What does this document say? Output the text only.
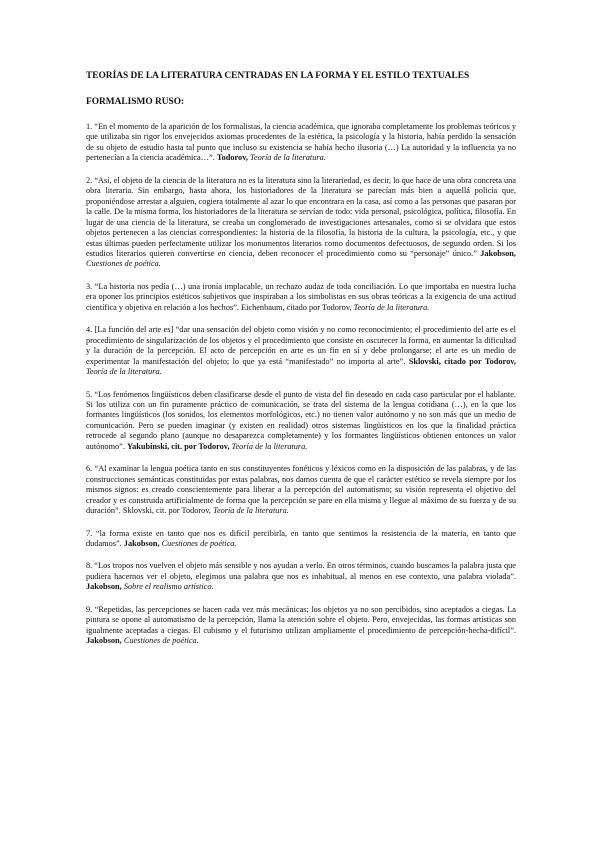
TEORÍAS DE LA LITERATURA CENTRADAS EN LA FORMA Y EL ESTILO TEXTUALES

FORMALISMO RUSO:

1. “En el momento de la aparición de los formalistas, la ciencia académica, que ignoraba completamente los problemas teóricos y que utilizaba sin rigor los envejecidos axiomas procedentes de la estética, la psicología y la historia, había perdido la sensación de su objeto de estudio hasta tal punto que incluso su existencia se había hecho ilusoria (…) La autoridad y la influencia ya no pertenecían a la ciencia académica…”. Todorov, Teoría de la literatura.

2. “Así, el objeto de la ciencia de la literatura no es la literatura sino la literariedad, es decir, lo que hace de una obra concreta una obra literaria. Sin embargo, hasta ahora, los historiadores de la literatura se parecían más bien a aquellá policía que, proponiéndose arrestar a alguien, cogiera totalmente al azar lo que encontrara en la casa, así como a las personas que pasaran por la calle. De la misma forma, los historiadores de la literatura se servían de todo: vida personal, psicológica, política, filosofía. En lugar de una ciencia de la literatura, se creaba un conglomerado de investigaciones artesanales, como si se olvidara que estos objetos pertenecen a las ciencias correspondientes: la historia de la filosofía, la historia de la cultura, la psicología, etc., y que estas últimas pueden perfectamente utilizar los monumentos literarios como documentos defectuosos, de segundo orden. Si los estudios literarios quieren convertirse en ciencia, deben reconocer el procedimiento como su “personaje” único.” Jakobson, Cuestiones de poética.

3. “La historia nos pedía (…) una ironía implacable, un rechazo audaz de toda conciliación. Lo que importaba en nuestra lucha era oponer los principios estéticos subjetivos que inspiraban a los simbolistas en sus obras teóricas a la exigencia de una actitud científica y objetiva en relación a los hechos”. Eichenbaum, citado por Todorov, Teoría de la literatura.

4. [La función del arte es] “dar una sensación del objeto como visión y no como reconocimiento; el procedimiento del arte es el procedimiento de singularización de los objetos y el procedimiento que consiste en oscurecer la forma, en aumentar la dificultad y la duración de la percepción. El acto de percepción en arte es un fin en sí y debe prolongarse; el arte es un medio de experimentar la manifestación del objeto; lo que ya está “manifestado” no importa al arte”. Sklovski, citado por Todorov, Teoría de la literatura.

5. “Los fenómenos lingüísticos deben clasificarse desde el punto de vista del fin deseado en cada caso particular por el hablante. Si los utiliza con un fin puramente práctico de comunicación, se trata del sistema de la lengua cotidiana (…), en la que los formantes lingüísticos (los sonidos, los elementos morfológicos, etc.) no tienen valor autónomo y no son más que un medio de comunicación. Pero se pueden imaginar (y existen en realidad) otros sistemas lingüísticos en los que la finalidad práctica retrocede al segundo plano (aunque no desaparezca completamente) y los formantes lingüísticos obtienen entonces un valor autónomo”. Yakubinski, cit. por Todorov, Teoría de la literatura.

6. “Al examinar la lengua poética tanto en sus constituyentes fonéticos y léxicos como en la disposición de las palabras, y de las construcciones semánticas constituidas por estas palabras, nos damos cuenta de que el carácter estético se revela siempre por los mismos signos: es creado conscientemente para liberar a la percepción del automatismo; su visión representa el objetivo del creador y es construida artificialmente de forma que la percepción se pare en ella misma y llegue al máximo de su fuerza y de su duración”. Sklovski, cit. por Todorov, Teoría de la literatura.

7. “la forma existe en tanto que nos es difícil percibirla, en tanto que sentimos la resistencia de la materia, en tanto que dudamos”. Jakobson, Cuestiones de poética.

8. “Los tropos nos vuelven el objeto más sensible y nos ayudan a verlo. En otros términos, cuando buscamos la palabra justa que pudiera hacernos ver el objeto, elegimos una palabra que nos es inhabitual, al menos en ese contexto, una palabra violada”. Jakobson, Sobre el realismo artístico.

9. “Repetidas, las percepciones se hacen cada vez más mecánicas; los objetos ya no son percibidos, sino aceptados a ciegas. La pintura se opone al automatismo de la percepción, llama la atención sobre el objeto. Pero, envejecidas, las formas artísticas son igualmente aceptadas a ciegas. El cubismo y el futurismo utilizan ampliamente el procedimiento de percepción-hecha-difícil”. Jakobson, Cuestiones de poética.
